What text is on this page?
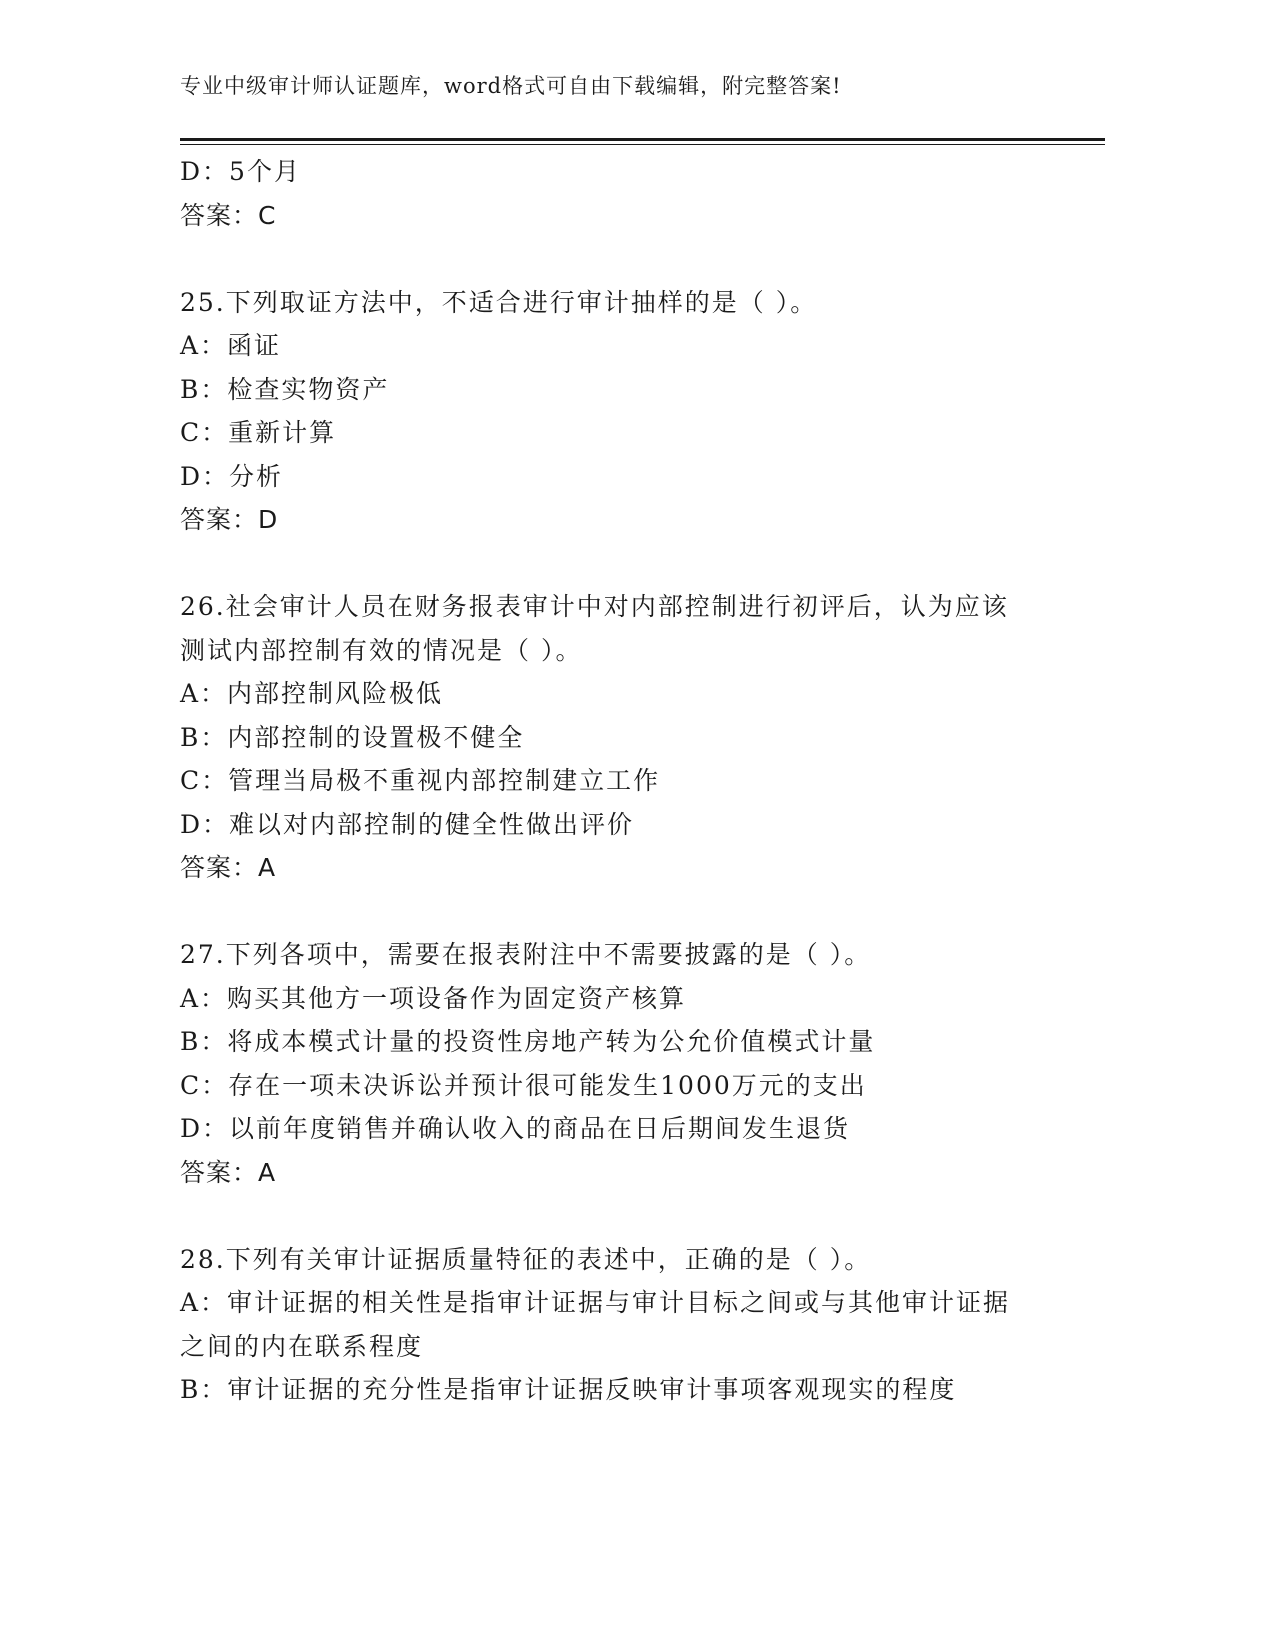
专业中级审计师认证题库，word格式可自由下载编辑，附完整答案!
D：5个月
答案：C
25.下列取证方法中，不适合进行审计抽样的是（ ）。
A：函证
B：检查实物资产
C：重新计算
D：分析
答案：D
26.社会审计人员在财务报表审计中对内部控制进行初评后，认为应该
测试内部控制有效的情况是（ ）。
A：内部控制风险极低
B：内部控制的设置极不健全
C：管理当局极不重视内部控制建立工作
D：难以对内部控制的健全性做出评价
答案：A
27.下列各项中，需要在报表附注中不需要披露的是（ ）。
A：购买其他方一项设备作为固定资产核算
B：将成本模式计量的投资性房地产转为公允价值模式计量
C：存在一项未决诉讼并预计很可能发生1000万元的支出
D：以前年度销售并确认收入的商品在日后期间发生退货
答案：A
28.下列有关审计证据质量特征的表述中，正确的是（ ）。
A：审计证据的相关性是指审计证据与审计目标之间或与其他审计证据
之间的内在联系程度
B：审计证据的充分性是指审计证据反映审计事项客观现实的程度
